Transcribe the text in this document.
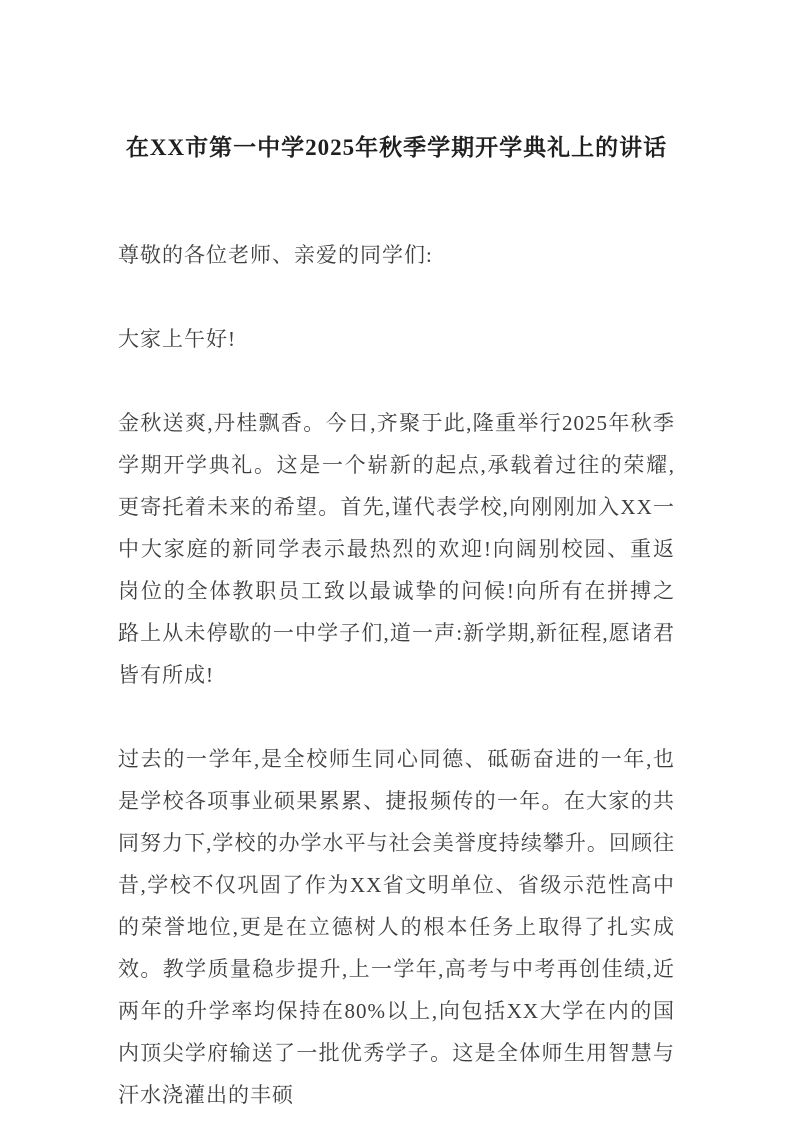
在XX市第一中学2025年秋季学期开学典礼上的讲话

尊敬的各位老师、亲爱的同学们:

大家上午好!

金秋送爽,丹桂飘香。今日,齐聚于此,隆重举行2025年秋季学期开学典礼。这是一个崭新的起点,承载着过往的荣耀,更寄托着未来的希望。首先,谨代表学校,向刚刚加入XX一中大家庭的新同学表示最热烈的欢迎!向阔别校园、重返岗位的全体教职员工致以最诚挚的问候!向所有在拼搏之路上从未停歇的一中学子们,道一声:新学期,新征程,愿诸君皆有所成!

过去的一学年,是全校师生同心同德、砥砺奋进的一年,也是学校各项事业硕果累累、捷报频传的一年。在大家的共同努力下,学校的办学水平与社会美誉度持续攀升。回顾往昔,学校不仅巩固了作为XX省文明单位、省级示范性高中的荣誉地位,更是在立德树人的根本任务上取得了扎实成效。教学质量稳步提升,上一学年,高考与中考再创佳绩,近两年的升学率均保持在80%以上,向包括XX大学在内的国内顶尖学府输送了一批优秀学子。这是全体师生用智慧与汗水浇灌出的丰硕
